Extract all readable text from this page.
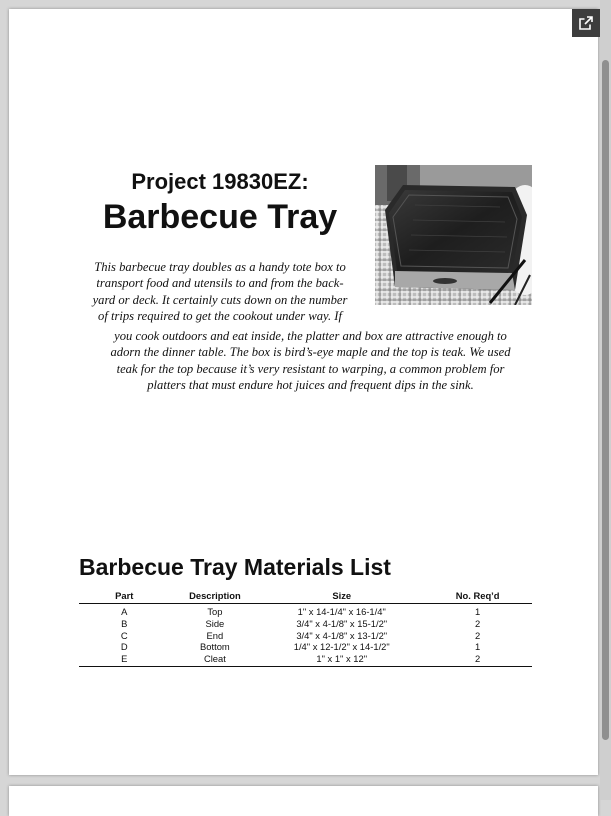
Project 19830EZ:
Barbecue Tray

This barbecue tray doubles as a handy tote box to
transport food and utensils to and from the back-
yard or deck. It certainly cuts down on the number
of trips required to get the cookout under way. If

you cook outdoors and eat inside, the platter and box are attractive enough to
adorn the dinner table. The box is bird’s-eye maple and the top is teak. We used
teak for the top because it’s very resistant to warping, a common problem for
platters that must endure hot juices and frequent dips in the sink.

Barbecue Tray Materials List
Part	Description	Size	No. Req’d
A	Top	1" x 14-1/4" x 16-1/4"	1
B	Side	3/4" x 4-1/8" x 15-1/2"	2
C	End	3/4" x 4-1/8" x 13-1/2"	2
D	Bottom	1/4" x 12-1/2" x 14-1/2"	1
E	Cleat	1" x 1" x 12"	2
